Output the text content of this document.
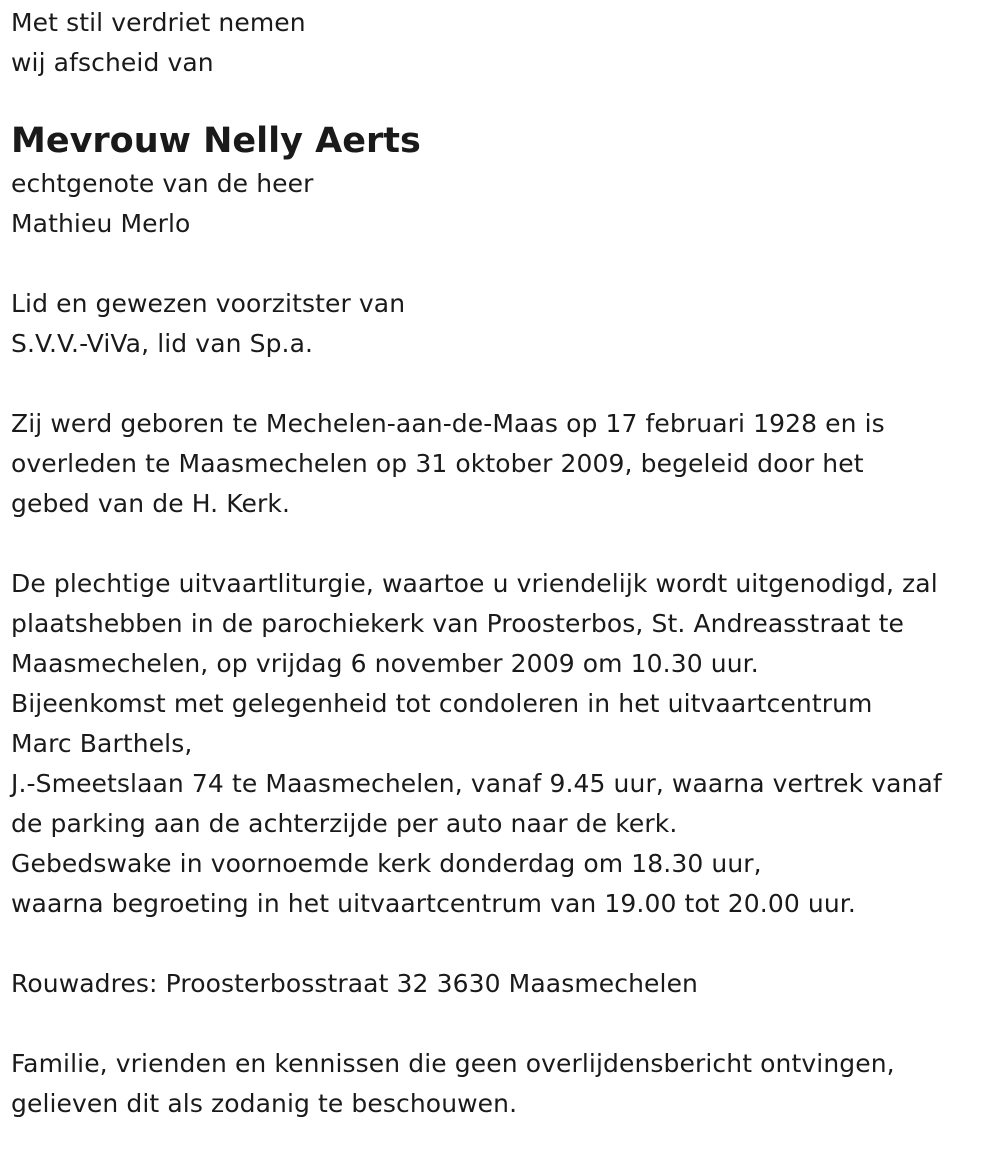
Met stil verdriet nemen
wij afscheid van
Mevrouw Nelly Aerts
echtgenote van de heer
Mathieu Merlo
Lid en gewezen voorzitster van
S.V.V.-ViVa, lid van Sp.a.
Zij werd geboren te Mechelen-aan-de-Maas op 17 februari 1928 en is
overleden te Maasmechelen op 31 oktober 2009, begeleid door het
gebed van de H. Kerk.
De plechtige uitvaartliturgie, waartoe u vriendelijk wordt uitgenodigd, zal
plaatshebben in de parochiekerk van Proosterbos, St. Andreasstraat te
Maasmechelen, op vrijdag 6 november 2009 om 10.30 uur.
Bijeenkomst met gelegenheid tot condoleren in het uitvaartcentrum
Marc Barthels,
J.-Smeetslaan 74 te Maasmechelen, vanaf 9.45 uur, waarna vertrek vanaf
de parking aan de achterzijde per auto naar de kerk.
Gebedswake in voornoemde kerk donderdag om 18.30 uur,
waarna begroeting in het uitvaartcentrum van 19.00 tot 20.00 uur.
Rouwadres: Proosterbosstraat 32 3630 Maasmechelen
Familie, vrienden en kennissen die geen overlijdensbericht ontvingen,
gelieven dit als zodanig te beschouwen.
